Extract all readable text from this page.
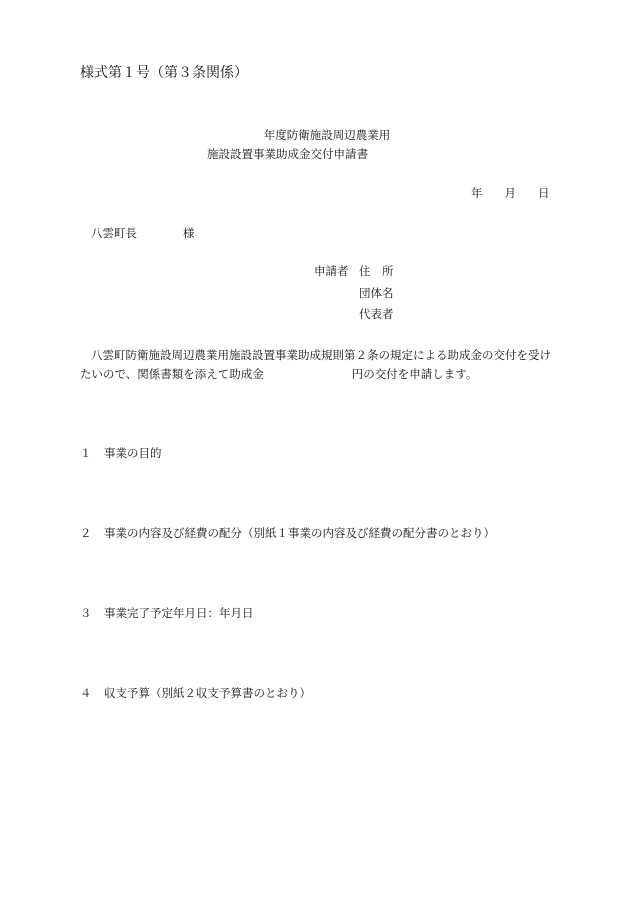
様式第１号（第３条関係）
年度防衛施設周辺農業用
施設設置事業助成金交付申請書
年 月 日
八雲町長	様
申請者 住　所
団体名
代表者
八雲町防衛施設周辺農業用施設設置事業助成規則第２条の規定による助成金の交付を受けたいので、関係書類を添えて助成金	円の交付を申請します。
１ 事業の目的
２ 事業の内容及び経費の配分（別紙１事業の内容及び経費の配分書のとおり）
３ 事業完了予定年月日：年月日
４ 収支予算（別紙２収支予算書のとおり）
